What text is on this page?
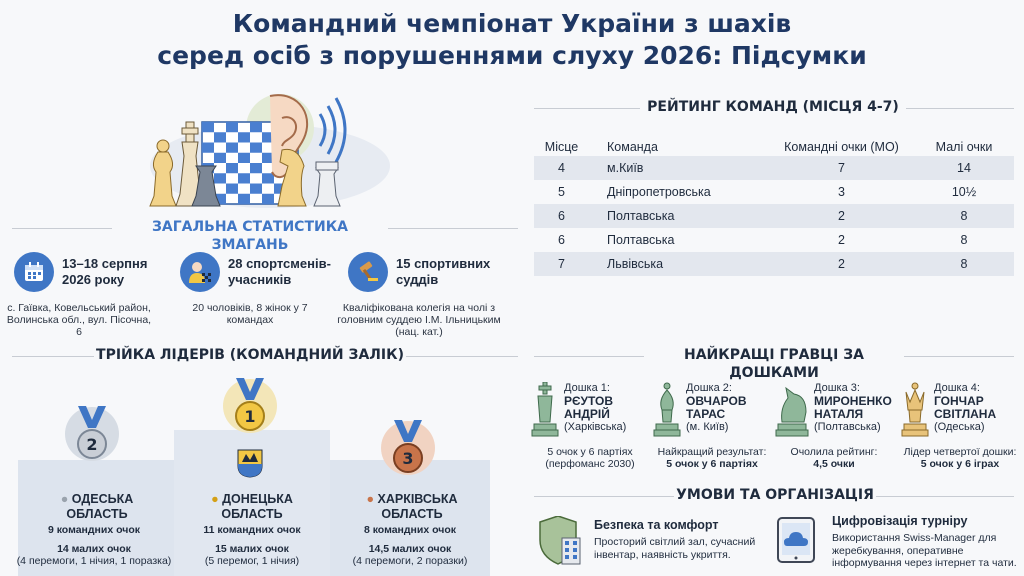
Командний чемпіонат України з шахів
серед осіб з порушеннями слуху 2026: Підсумки
ЗАГАЛЬНА СТАТИСТИКА ЗМАГАНЬ
13–18 серпня 2026 року
с. Гаївка, Ковельський район, Волинська обл., вул. Пісочна, 6
28 спортсменів-учасників
20 чоловіків, 8 жінок у 7 командах
15 спортивних суддів
Кваліфікована колегія на чолі з головним суддею І.М. Ільницьким (нац. кат.)
ТРІЙКА ЛІДЕРІВ (КОМАНДНИЙ ЗАЛІК)
2
1
3
● ОДЕСЬКА ОБЛАСТЬ
9 командних очок
14 малих очок
(4 перемоги, 1 нічия, 1 поразка)
● ДОНЕЦЬКА ОБЛАСТЬ
11 командних очок
15 малих очок
(5 перемог, 1 нічия)
● ХАРКІВСЬКА ОБЛАСТЬ
8 командних очок
14,5 малих очок
(4 перемоги, 2 поразки)
РЕЙТИНГ КОМАНД (МІСЦЯ 4-7)
Місце	Команда	Командні очки (МО)	Малі очки
4	м.Київ	7	14
5	Дніпропетровська	3	10½
6	Полтавська	2	8
6	Полтавська	2	8
7	Львівська	2	8
НАЙКРАЩІ ГРАВЦІ ЗА ДОШКАМИ
Дошка 1:
РЄУТОВ
АНДРІЙ
(Харківська)
5 очок у 6 партіях
(перфоманс 2030)
Дошка 2:
ОВЧАРОВ
ТАРАС
(м. Київ)
Найкращий результат:
5 очок у 6 партіях
Дошка 3:
МИРОНЕНКО
НАТАЛЯ
(Полтавська)
Очолила рейтинг:
4,5 очки
Дошка 4:
ГОНЧАР
СВІТЛАНА
(Одеська)
Лідер четвертої дошки:
5 очок у 6 іграх
УМОВИ ТА ОРГАНІЗАЦІЯ
Безпека та комфорт
Просторий світлий зал, сучасний інвентар, наявність укриття.
Цифровізація турніру
Використання Swiss-Manager для жеребкування, оперативне інформування через інтернет та чати.
